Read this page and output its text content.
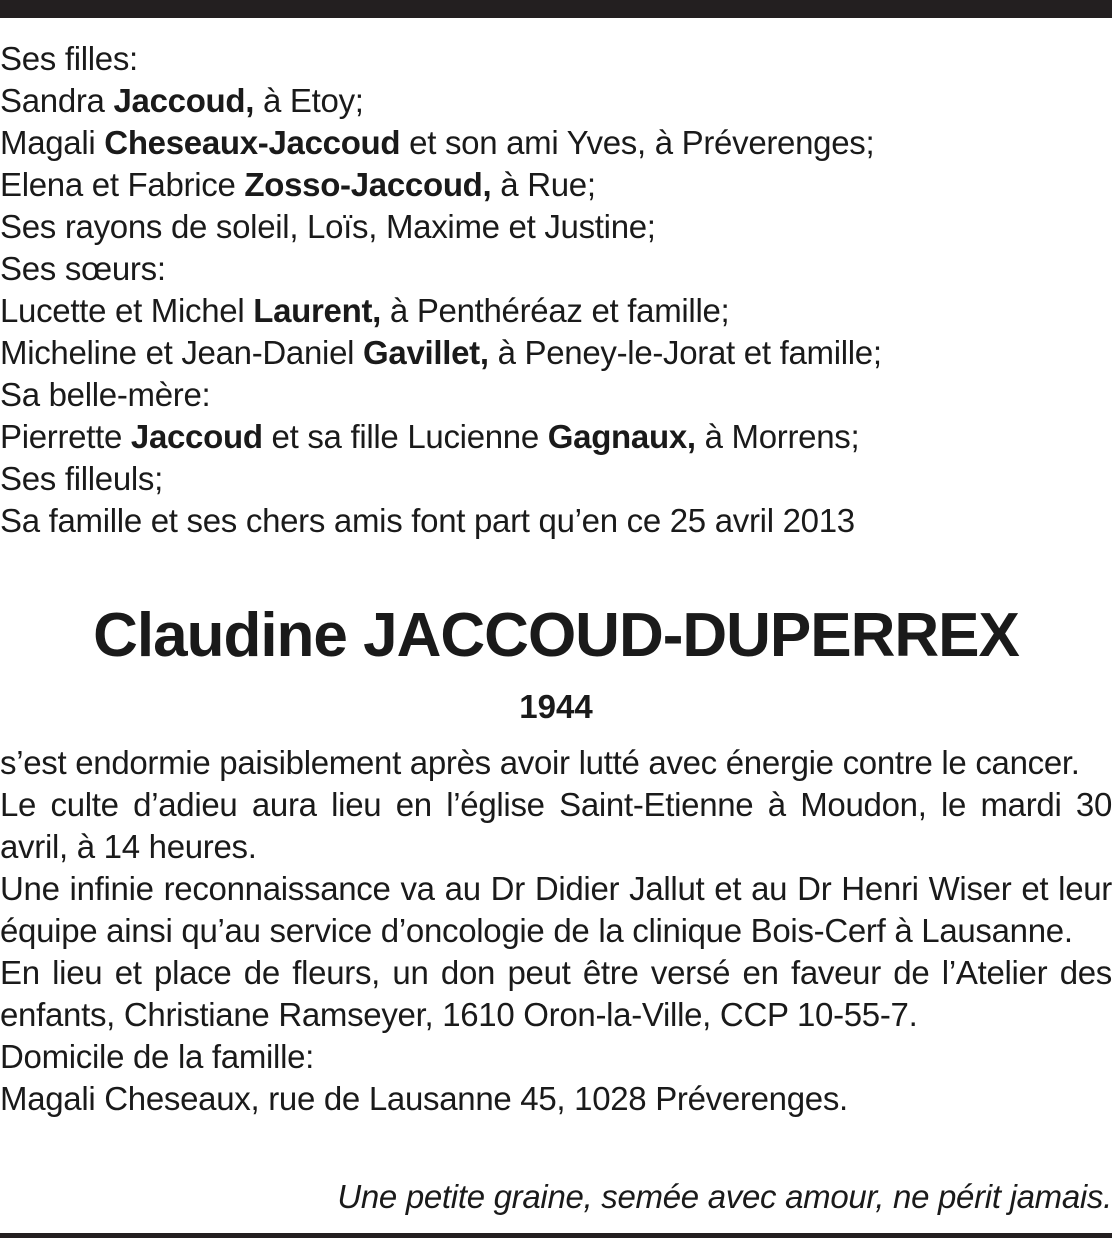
Ses filles:
Sandra Jaccoud, à Etoy;
Magali Cheseaux-Jaccoud et son ami Yves, à Préverenges;
Elena et Fabrice Zosso-Jaccoud, à Rue;
Ses rayons de soleil, Loïs, Maxime et Justine;
Ses sœurs:
Lucette et Michel Laurent, à Penthéréaz et famille;
Micheline et Jean-Daniel Gavillet, à Peney-le-Jorat et famille;
Sa belle-mère:
Pierrette Jaccoud et sa fille Lucienne Gagnaux, à Morrens;
Ses filleuls;
Sa famille et ses chers amis font part qu’en ce 25 avril 2013
Claudine JACCOUD-DUPERREX
1944
s’est endormie paisiblement après avoir lutté avec énergie contre le cancer.
Le culte d’adieu aura lieu en l’église Saint-Etienne à Moudon, le mardi 30 avril, à 14 heures.
Une infinie reconnaissance va au Dr Didier Jallut et au Dr Henri Wiser et leur équipe ainsi qu’au service d’oncologie de la clinique Bois-Cerf à Lausanne.
En lieu et place de fleurs, un don peut être versé en faveur de l’Atelier des enfants, Christiane Ramseyer, 1610 Oron-la-Ville, CCP 10-55-7.
Domicile de la famille:
Magali Cheseaux, rue de Lausanne 45, 1028 Préverenges.
Une petite graine, semée avec amour, ne périt jamais.
